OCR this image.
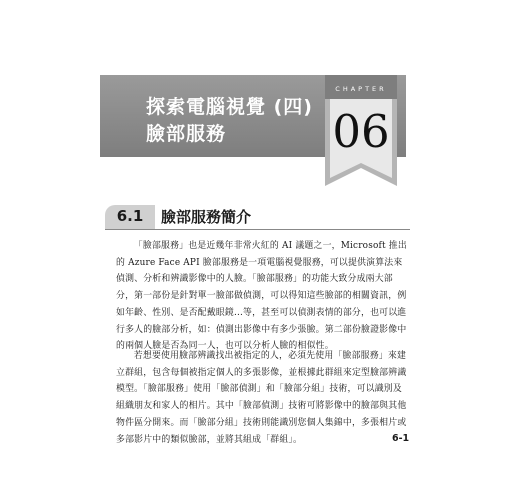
探索電腦視覺 (四)
臉部服務
CHAPTER
06
6.1	臉部服務簡介
「臉部服務」也是近幾年非常火紅的 AI 議題之一，Microsoft 推出的 Azure Face API 臉部服務是一項電腦視覺服務，可以提供演算法來偵測、分析和辨識影像中的人臉。「臉部服務」的功能大致分成兩大部分，第一部份是針對單一臉部做偵測，可以得知這些臉部的相關資訊，例如年齡、性別、是否配戴眼鏡...等，甚至可以偵測表情的部分，也可以進行多人的臉部分析，如：偵測出影像中有多少張臉。第二部份臉證影像中的兩個人臉是否為同一人，也可以分析人臉的相似性。
若想要使用臉部辨識找出被指定的人，必須先使用「臉部服務」來建立群組，包含每個被指定個人的多張影像，並根據此群組來定型臉部辨識模型。「臉部服務」使用「臉部偵測」和「臉部分組」技術，可以識別及組織朋友和家人的相片。其中「臉部偵測」技術可將影像中的臉部與其他物件區分開來。而「臉部分組」技術則能識別您個人集錦中，多張相片或多部影片中的類似臉部，並將其組成「群組」。	6-1
